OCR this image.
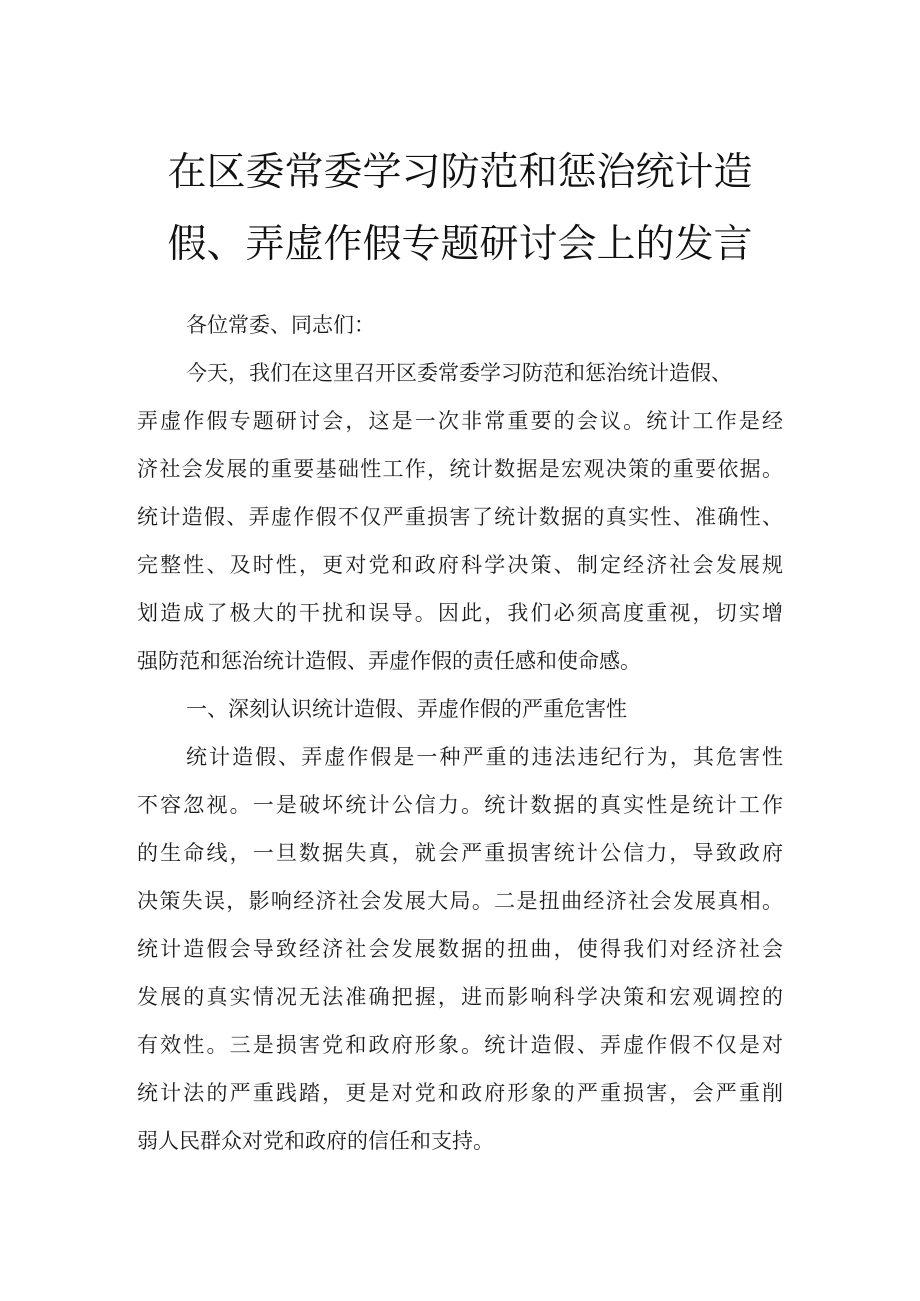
在区委常委学习防范和惩治统计造
假、弄虚作假专题研讨会上的发言

各位常委、同志们：

今天，我们在这里召开区委常委学习防范和惩治统计造假、

弄虚作假专题研讨会，这是一次非常重要的会议。统计工作是经

济社会发展的重要基础性工作，统计数据是宏观决策的重要依据。

统计造假、弄虚作假不仅严重损害了统计数据的真实性、准确性、

完整性、及时性，更对党和政府科学决策、制定经济社会发展规

划造成了极大的干扰和误导。因此，我们必须高度重视，切实增

强防范和惩治统计造假、弄虚作假的责任感和使命感。

一、深刻认识统计造假、弄虚作假的严重危害性

统计造假、弄虚作假是一种严重的违法违纪行为，其危害性

不容忽视。一是破坏统计公信力。统计数据的真实性是统计工作

的生命线，一旦数据失真，就会严重损害统计公信力，导致政府

决策失误，影响经济社会发展大局。二是扭曲经济社会发展真相。

统计造假会导致经济社会发展数据的扭曲，使得我们对经济社会

发展的真实情况无法准确把握，进而影响科学决策和宏观调控的

有效性。三是损害党和政府形象。统计造假、弄虚作假不仅是对

统计法的严重践踏，更是对党和政府形象的严重损害，会严重削

弱人民群众对党和政府的信任和支持。
